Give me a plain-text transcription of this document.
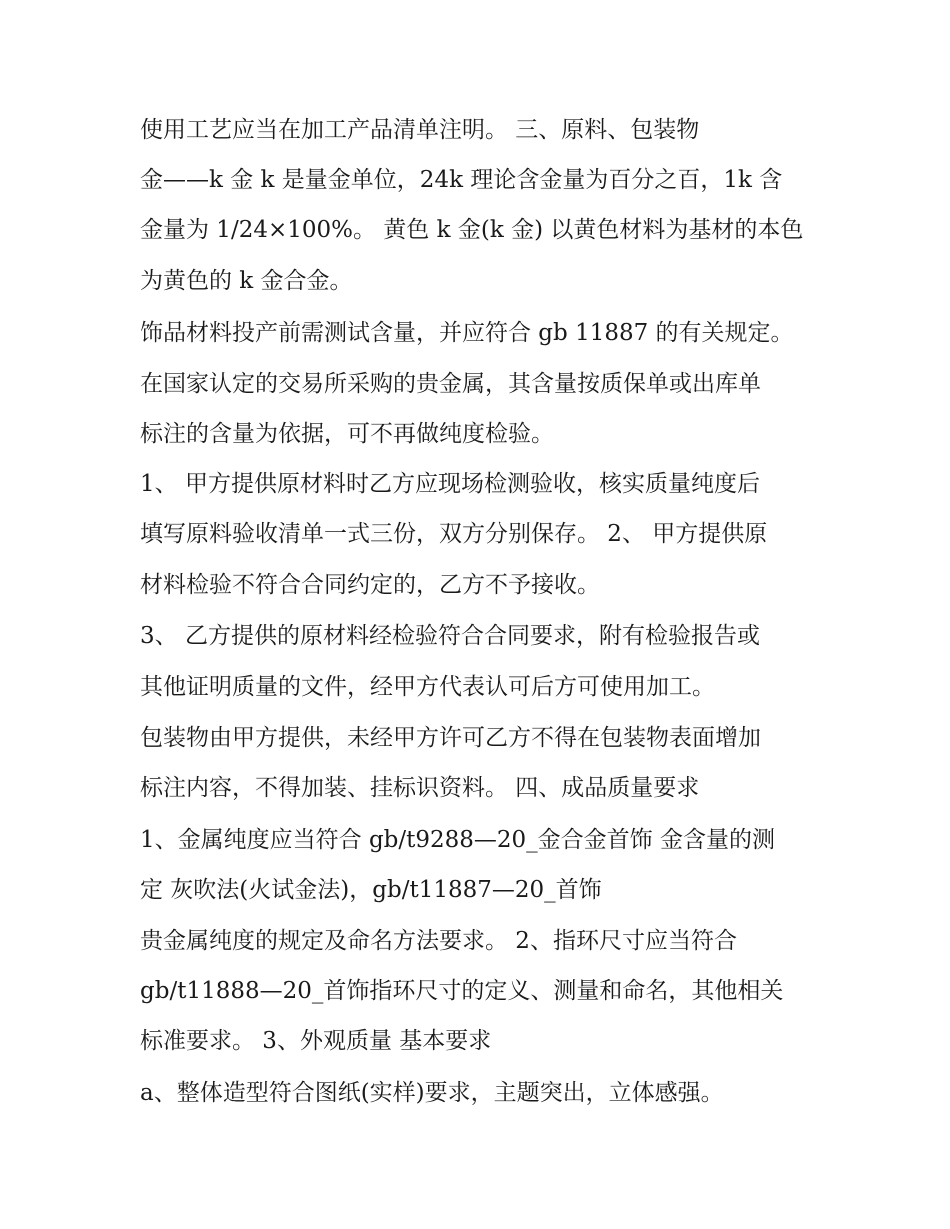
使用工艺应当在加工产品清单注明。 三、原料、包装物
金——k 金 k 是量金单位，24k 理论含金量为百分之百，1k 含
金量为 1/24×100%。 黄色 k 金(k 金) 以黄色材料为基材的本色
为黄色的 k 金合金。
饰品材料投产前需测试含量，并应符合 gb 11887 的有关规定。
在国家认定的交易所采购的贵金属，其含量按质保单或出库单
标注的含量为依据，可不再做纯度检验。
1、 甲方提供原材料时乙方应现场检测验收，核实质量纯度后
填写原料验收清单一式三份，双方分别保存。 2、 甲方提供原
材料检验不符合合同约定的，乙方不予接收。
3、 乙方提供的原材料经检验符合合同要求，附有检验报告或
其他证明质量的文件，经甲方代表认可后方可使用加工。
包装物由甲方提供，未经甲方许可乙方不得在包装物表面增加
标注内容，不得加装、挂标识资料。 四、成品质量要求
1、金属纯度应当符合 gb/t9288—20_金合金首饰 金含量的测
定 灰吹法(火试金法)，gb/t11887—20_首饰
贵金属纯度的规定及命名方法要求。 2、指环尺寸应当符合
gb/t11888—20_首饰指环尺寸的定义、测量和命名，其他相关
标准要求。 3、外观质量 基本要求
a、整体造型符合图纸(实样)要求，主题突出，立体感强。
